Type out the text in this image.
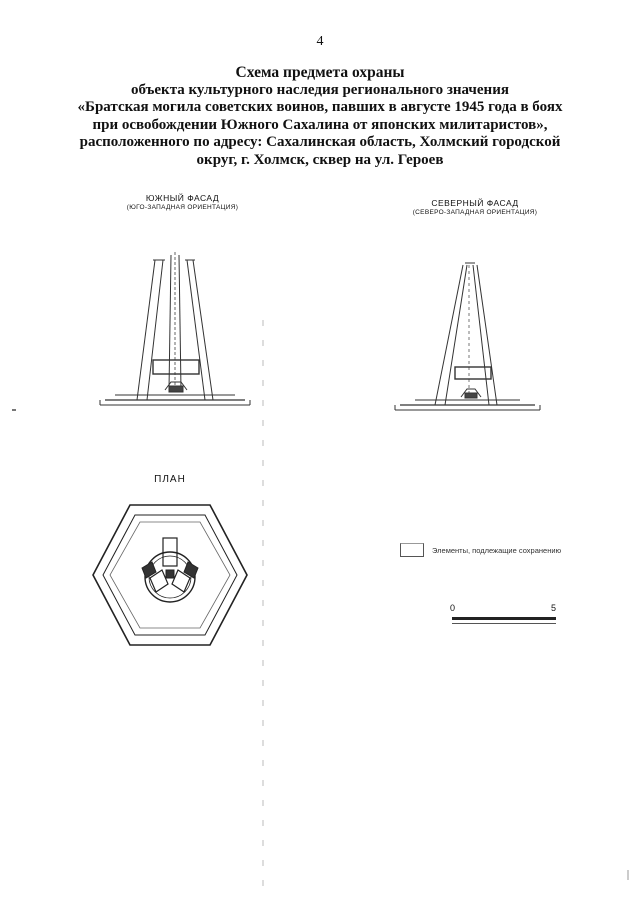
4
Схема предмета охраны
объекта культурного наследия регионального значения
«Братская могила советских воинов, павших в августе 1945 года в боях
при освобождении Южного Сахалина от японских милитаристов»,
расположенного по адресу: Сахалинская область, Холмский городской
округ, г. Холмск, сквер на ул. Героев
ЮЖНЫЙ ФАСАД
(ЮГО-ЗАПАДНАЯ ОРИЕНТАЦИЯ)	СЕВЕРНЫЙ ФАСАД
(СЕВЕРО-ЗАПАДНАЯ ОРИЕНТАЦИЯ)
ПЛАН
Элементы, подлежащие сохранению
0	5
